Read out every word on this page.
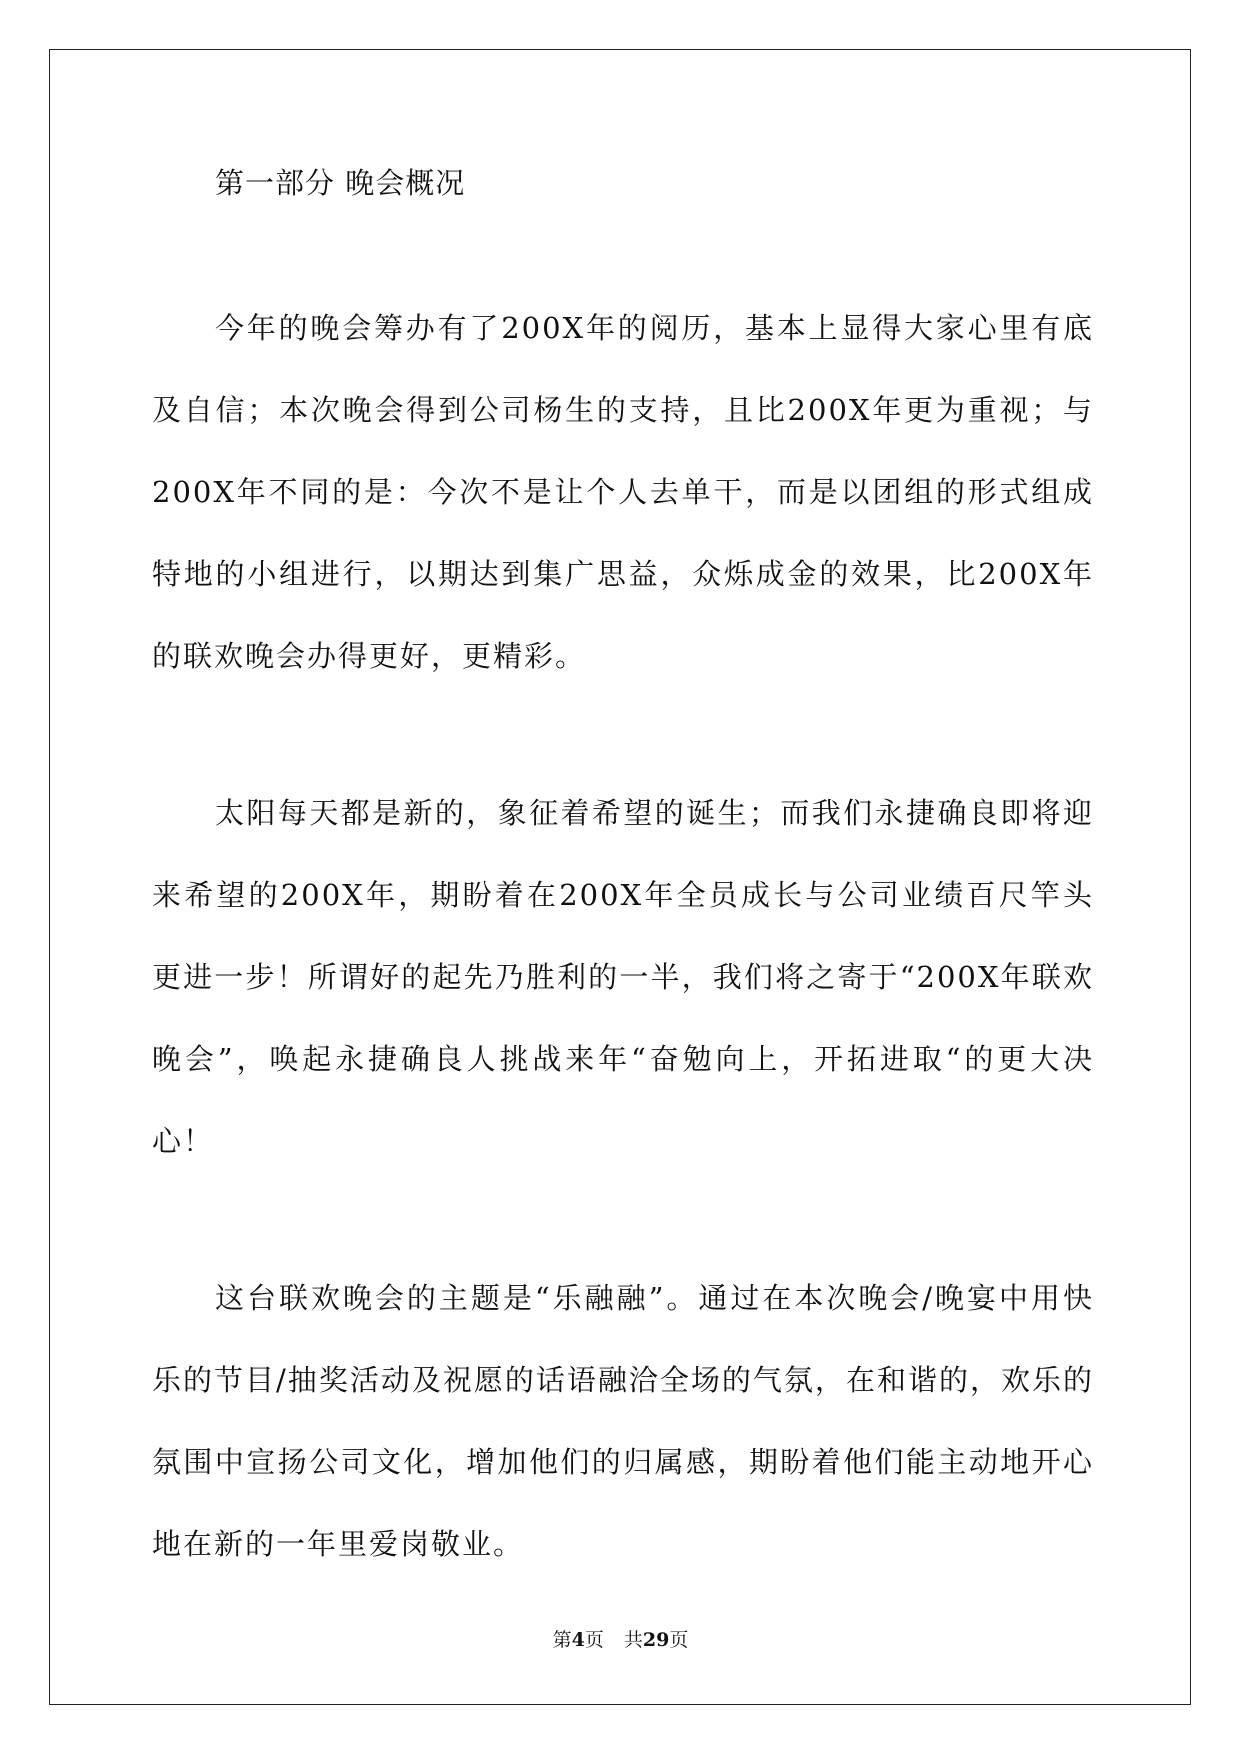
第一部分 晚会概况

今年的晚会筹办有了200X年的阅历，基本上显得大家心里有底及自信；本次晚会得到公司杨生的支持，且比200X年更为重视；与200X年不同的是：今次不是让个人去单干，而是以团组的形式组成特地的小组进行，以期达到集广思益，众烁成金的效果，比200X年的联欢晚会办得更好，更精彩。

太阳每天都是新的，象征着希望的诞生；而我们永捷确良即将迎来希望的200X年，期盼着在200X年全员成长与公司业绩百尺竿头更进一步！所谓好的起先乃胜利的一半，我们将之寄于“200X年联欢晚会”，唤起永捷确良人挑战来年“奋勉向上，开拓进取“的更大决心！

这台联欢晚会的主题是“乐融融”。通过在本次晚会/晚宴中用快乐的节目/抽奖活动及祝愿的话语融洽全场的气氛，在和谐的，欢乐的氛围中宣扬公司文化，增加他们的归属感，期盼着他们能主动地开心地在新的一年里爱岗敬业。

第4页 共29页
